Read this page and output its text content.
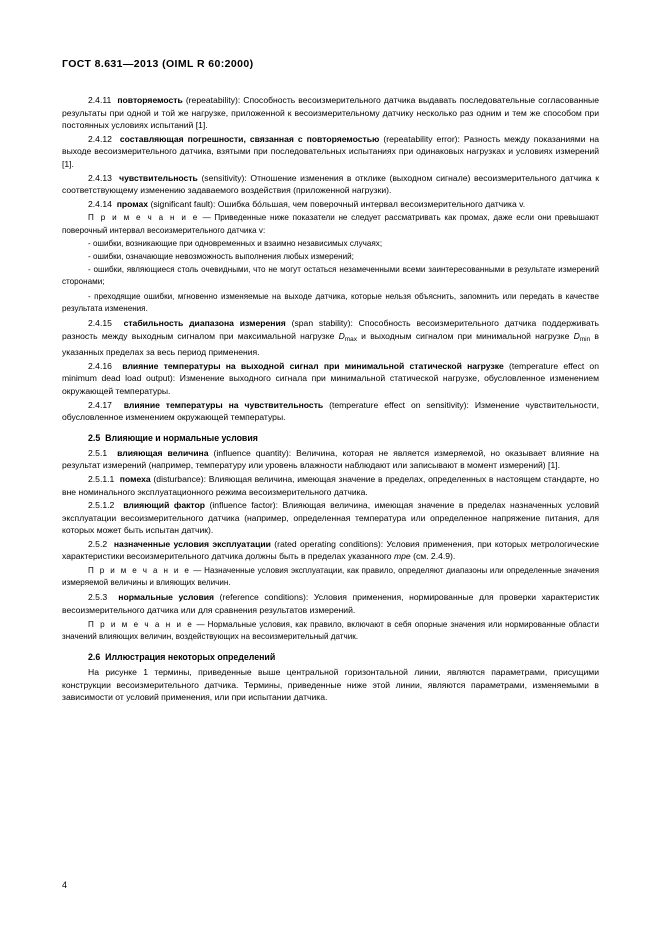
ГОСТ 8.631—2013 (OIML R 60:2000)

2.4.11 повторяемость (repeatability): Способность весоизмерительного датчика выдавать последовательные согласованные результаты при одной и той же нагрузке, приложенной к весоизмерительному датчику несколько раз одним и тем же способом при постоянных условиях испытаний [1].

2.4.12 составляющая погрешности, связанная с повторяемостью (repeatability error): Разность между показаниями на выходе весоизмерительного датчика, взятыми при последовательных испытаниях при одинаковых нагрузках и условиях измерений [1].

2.4.13 чувствительность (sensitivity): Отношение изменения в отклике (выходном сигнале) весоизмерительного датчика к соответствующему изменению задаваемого воздействия (приложенной нагрузки).

2.4.14 промах (significant fault): Ошибка бо́льшая, чем поверочный интервал весоизмерительного датчика v.

П р и м е ч а н и е — Приведенные ниже показатели не следует рассматривать как промах, даже если они превышают поверочный интервал весоизмерительного датчика v:

- ошибки, возникающие при одновременных и взаимно независимых случаях;

- ошибки, означающие невозможность выполнения любых измерений;

- ошибки, являющиеся столь очевидными, что не могут остаться незамеченными всеми заинтересованными в результате измерений сторонами;

- преходящие ошибки, мгновенно изменяемые на выходе датчика, которые нельзя объяснить, запомнить или передать в качестве результата изменения.

2.4.15 стабильность диапазона измерения (span stability): Способность весоизмерительного датчика поддерживать разность между выходным сигналом при максимальной нагрузке $D_{max}$ и выходным сигналом при минимальной нагрузке $D_{min}$ в указанных пределах за весь период применения.

2.4.16 влияние температуры на выходной сигнал при минимальной статической нагрузке (temperature effect on minimum dead load output): Изменение выходного сигнала при минимальной статической нагрузке, обусловленное изменением окружающей температуры.

2.4.17 влияние температуры на чувствительность (temperature effect on sensitivity): Изменение чувствительности, обусловленное изменением окружающей температуры.

2.5 Влияющие и нормальные условия

2.5.1 влияющая величина (influence quantity): Величина, которая не является измеряемой, но оказывает влияние на результат измерений (например, температуру или уровень влажности наблюдают или записывают в момент измерений) [1].

2.5.1.1 помеха (disturbance): Влияющая величина, имеющая значение в пределах, определенных в настоящем стандарте, но вне номинального эксплуатационного режима весоизмерительного датчика.

2.5.1.2 влияющий фактор (influence factor): Влияющая величина, имеющая значение в пределах назначенных условий эксплуатации весоизмерительного датчика (например, определенная температура или определенное напряжение питания, для которых может быть испытан датчик).

2.5.2 назначенные условия эксплуатации (rated operating conditions): Условия применения, при которых метрологические характеристики весоизмерительного датчика должны быть в пределах указанного mpe (см. 2.4.9).

П р и м е ч а н и е — Назначенные условия эксплуатации, как правило, определяют диапазоны или определенные значения измеряемой величины и влияющих величин.

2.5.3 нормальные условия (reference conditions): Условия применения, нормированные для проверки характеристик весоизмерительного датчика или для сравнения результатов измерений.

П р и м е ч а н и е — Нормальные условия, как правило, включают в себя опорные значения или нормированные области значений влияющих величин, воздействующих на весоизмерительный датчик.

2.6 Иллюстрация некоторых определений

На рисунке 1 термины, приведенные выше центральной горизонтальной линии, являются параметрами, присущими конструкции весоизмерительного датчика. Термины, приведенные ниже этой линии, являются параметрами, изменяемыми в зависимости от условий применения, или при испытании датчика.

4
